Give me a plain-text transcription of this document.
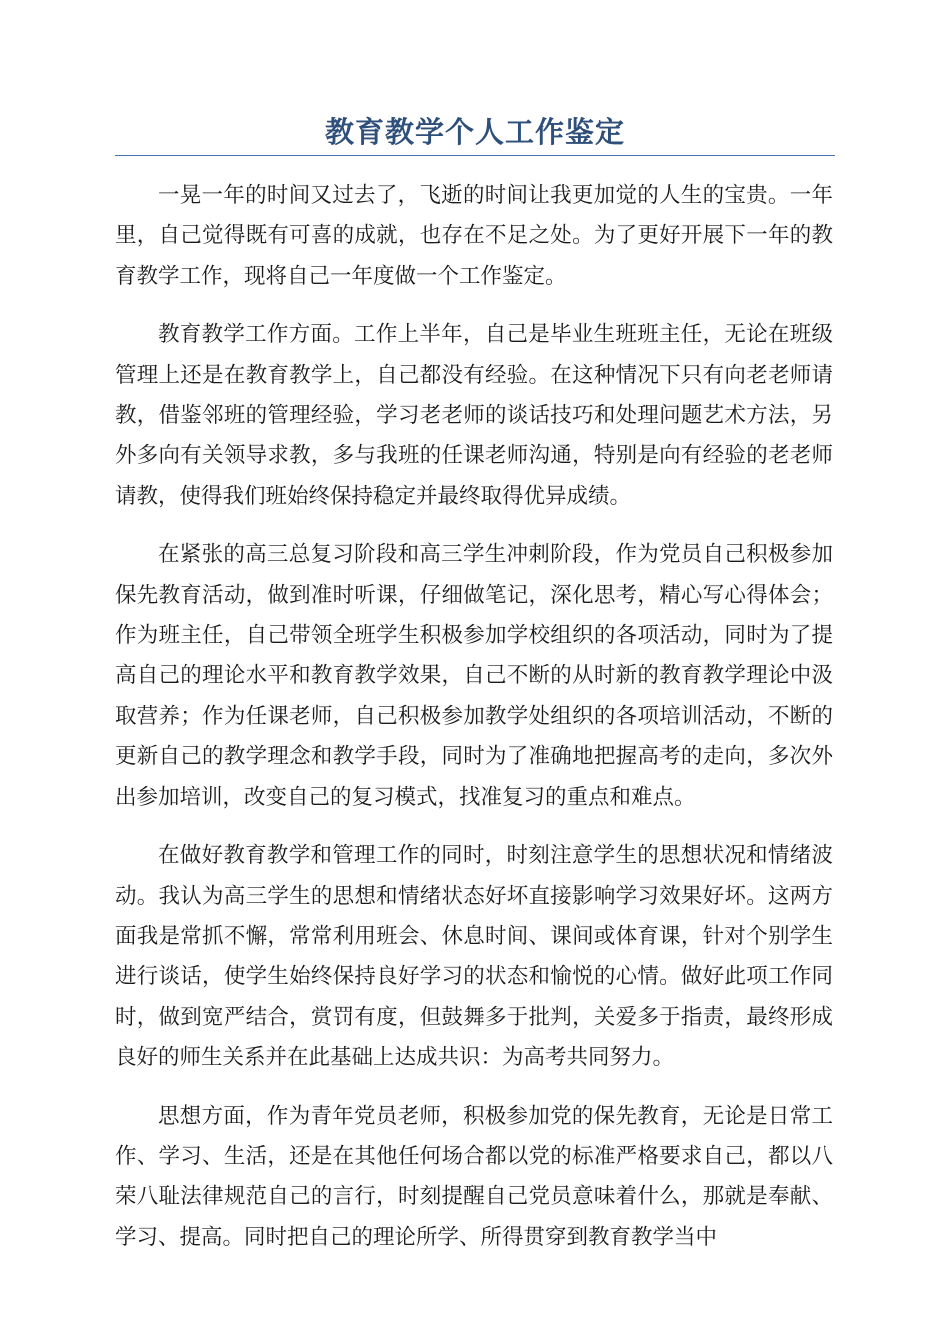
教育教学个人工作鉴定

一晃一年的时间又过去了，飞逝的时间让我更加觉的人生的宝贵。一年里，自己觉得既有可喜的成就，也存在不足之处。为了更好开展下一年的教育教学工作，现将自己一年度做一个工作鉴定。

教育教学工作方面。工作上半年，自己是毕业生班班主任，无论在班级管理上还是在教育教学上，自己都没有经验。在这种情况下只有向老老师请教，借鉴邻班的管理经验，学习老老师的谈话技巧和处理问题艺术方法，另外多向有关领导求教，多与我班的任课老师沟通，特别是向有经验的老老师请教，使得我们班始终保持稳定并最终取得优异成绩。

在紧张的高三总复习阶段和高三学生冲刺阶段，作为党员自己积极参加保先教育活动，做到准时听课，仔细做笔记，深化思考，精心写心得体会；作为班主任，自己带领全班学生积极参加学校组织的各项活动，同时为了提高自己的理论水平和教育教学效果，自己不断的从时新的教育教学理论中汲取营养；作为任课老师，自己积极参加教学处组织的各项培训活动，不断的更新自己的教学理念和教学手段，同时为了准确地把握高考的走向，多次外出参加培训，改变自己的复习模式，找准复习的重点和难点。

在做好教育教学和管理工作的同时，时刻注意学生的思想状况和情绪波动。我认为高三学生的思想和情绪状态好坏直接影响学习效果好坏。这两方面我是常抓不懈，常常利用班会、休息时间、课间或体育课，针对个别学生进行谈话，使学生始终保持良好学习的状态和愉悦的心情。做好此项工作同时，做到宽严结合，赏罚有度，但鼓舞多于批判，关爱多于指责，最终形成良好的师生关系并在此基础上达成共识：为高考共同努力。

思想方面，作为青年党员老师，积极参加党的保先教育，无论是日常工作、学习、生活，还是在其他任何场合都以党的标准严格要求自己，都以八荣八耻法律规范自己的言行，时刻提醒自己党员意味着什么，那就是奉献、学习、提高。同时把自己的理论所学、所得贯穿到教育教学当中
